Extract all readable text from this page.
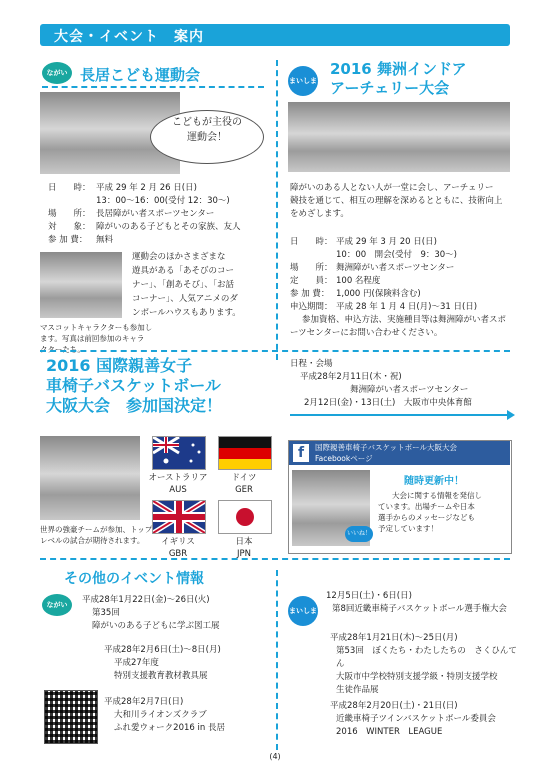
大会・イベント　案内
ながい 長居こども運動会
こどもが主役の
運動会！
日　　時： 平成 29 年 2 月 26 日(日)
13：00～16：00(受付 12：30～)
場　　所： 長居障がい者スポーツセンター
対　　象： 障がいのある子どもとその家族、友人
参 加 費： 無料
運動会のほかさまざまな
遊具がある「あそびのコー
ナー」、「創あそび」、「お話
コーナー」、人気アニメのダ
ンボールハウスもあります。
マスコットキャラクターも参加し
ます。写真は前回参加のキャラ
クターたち。
まいしま
2016 舞洲インドア
アーチェリー大会
障がいのある人とない人が一堂に会し、アーチェリー
競技を通じて、相互の理解を深めるとともに、技術向上
をめざします。
日　　時： 平成 29 年 3 月 20 日(日)
10：00　開会(受付　9：30～)
場　　所： 舞洲障がい者スポーツセンター
定　　員： 100 名程度
参 加 費： 1,000 円(保険料含む)
申込期間： 平成 28 年 1 月 4 日(月)～31 日(日)
参加資格、申込方法、実施種目等は舞洲障がい者スポ
ーツセンターにお問い合わせください。
2016 国際親善女子
車椅子バスケットボール
大阪大会　参加国決定！
日程・会場
平成28年2月11日(木・祝)
舞洲障がい者スポーツセンター
2月12日(金)・13日(土)　 大阪市中央体育館
世界の強豪チームが参加、トップ
レベルの試合が期待されます。
オーストラリア
AUS
ドイツ
GER
イギリス
GBR
日本
JPN
f	国際親善車椅子バスケットボール大阪大会
Facebookページ
いいね！
随時更新中！
大会に関する情報を発信し
ています。出場チームや日本
選手からのメッセージなども
予定しています！
その他のイベント情報
ながい
まいしま
平成28年1月22日(金)～26日(火)
第35回
障がいのある子どもに学ぶ図工展
平成28年2月6日(土)～8日(月)
平成27年度
特別支援教育教材教具展
平成28年2月7日(日)
大和川ライオンズクラブ
ふれ愛ウォーク2016 in 長居
12月5日(土)・6日(日)
第8回近畿車椅子バスケットボール選手権大会
平成28年1月21日(木)～25日(月)
第53回　ぼくたち・わたしたちの　さくひんてん
大阪市中学校特別支援学級・特別支援学校
生徒作品展
平成28年2月20日(土)・21日(日)
近畿車椅子ツインバスケットボール委員会
2016　WINTER　LEAGUE
(4)
